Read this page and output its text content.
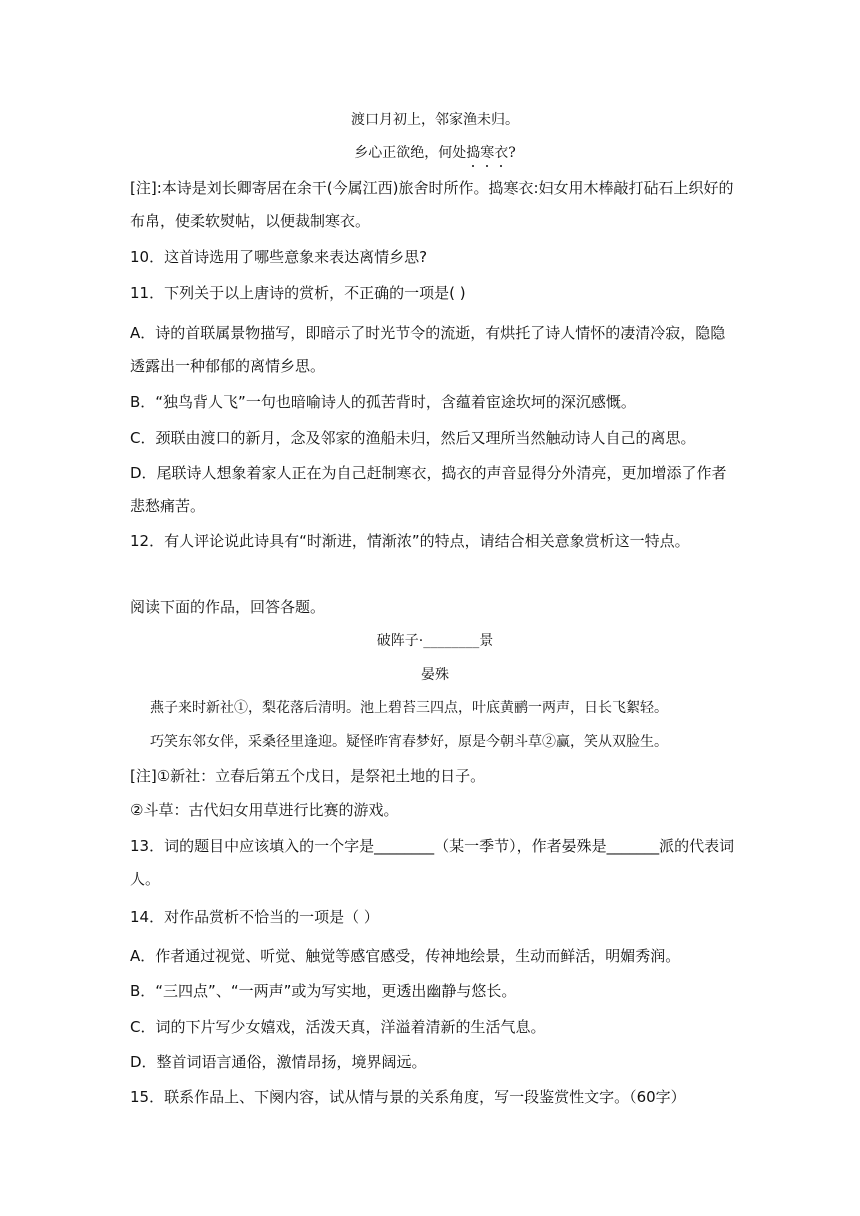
渡口月初上，邻家渔未归。
乡心正欲绝，何处捣寒衣?
[注]:本诗是刘长卿寄居在余干(今属江西)旅舍时所作。捣寒衣:妇女用木棒敲打砧石上织好的
布帛，使柔软熨帖，以便裁制寒衣。
10．这首诗选用了哪些意象来表达离情乡思?
11．下列关于以上唐诗的赏析，不正确的一项是( )
A．诗的首联属景物描写，即暗示了时光节令的流逝，有烘托了诗人情怀的凄清冷寂，隐隐
透露出一种郁郁的离情乡思。
B．“独鸟背人飞”一句也暗喻诗人的孤苦背时，含蕴着宦途坎坷的深沉感慨。
C．颈联由渡口的新月，念及邻家的渔船未归，然后又理所当然触动诗人自己的离思。
D．尾联诗人想象着家人正在为自己赶制寒衣，捣衣的声音显得分外清亮，更加增添了作者
悲愁痛苦。
12．有人评论说此诗具有“时渐进，情渐浓”的特点，请结合相关意象赏析这一特点。
阅读下面的作品，回答各题。
破阵子·________景
晏殊
燕子来时新社①，梨花落后清明。池上碧苔三四点，叶底黄鹂一两声，日长飞絮轻。
巧笑东邻女伴，采桑径里逢迎。疑怪昨宵春梦好，原是今朝斗草②赢，笑从双脸生。
[注]①新社：立春后第五个戊日，是祭祀土地的日子。
②斗草：古代妇女用草进行比赛的游戏。
13．词的题目中应该填入的一个字是________（某一季节），作者晏殊是_______派的代表词
人。
14．对作品赏析不恰当的一项是（ ）
A．作者通过视觉、听觉、触觉等感官感受，传神地绘景，生动而鲜活，明媚秀润。
B．“三四点”、“一两声”或为写实地，更透出幽静与悠长。
C．词的下片写少女嬉戏，活泼天真，洋溢着清新的生活气息。
D．整首词语言通俗，激情昂扬，境界阔远。
15．联系作品上、下阕内容，试从情与景的关系角度，写一段鉴赏性文字。（60字）
